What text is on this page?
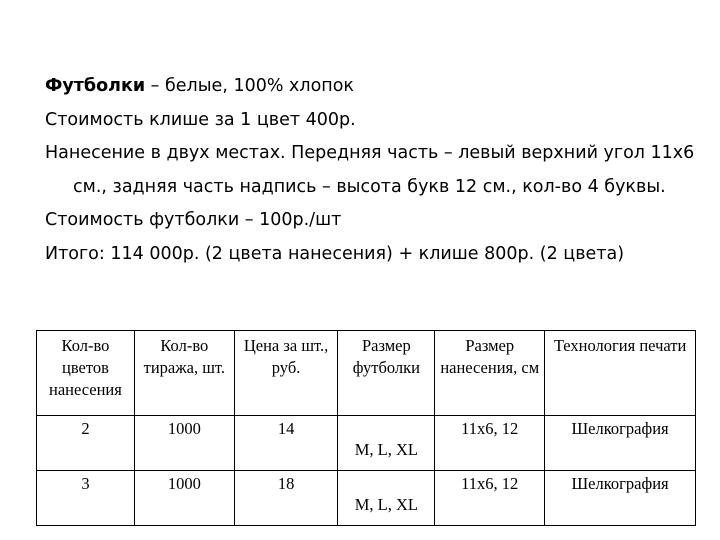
Футболки – белые, 100% хлопок

Стоимость клише за 1 цвет 400р.

Нанесение в двух местах. Передняя часть – левый верхний угол 11х6 см., задняя часть надпись – высота букв 12 см., кол-во 4 буквы.

Стоимость футболки – 100р./шт

Итого: 114 000р. (2 цвета нанесения) + клише 800р. (2 цвета)

Кол-во цветов нанесения	Кол-во тиража, шт.	Цена за шт., руб.	Размер футболки	Размер нанесения, см	Технология печати
2	1000	14	M, L, XL	11х6, 12	Шелкография
3	1000	18	M, L, XL	11х6, 12	Шелкография
